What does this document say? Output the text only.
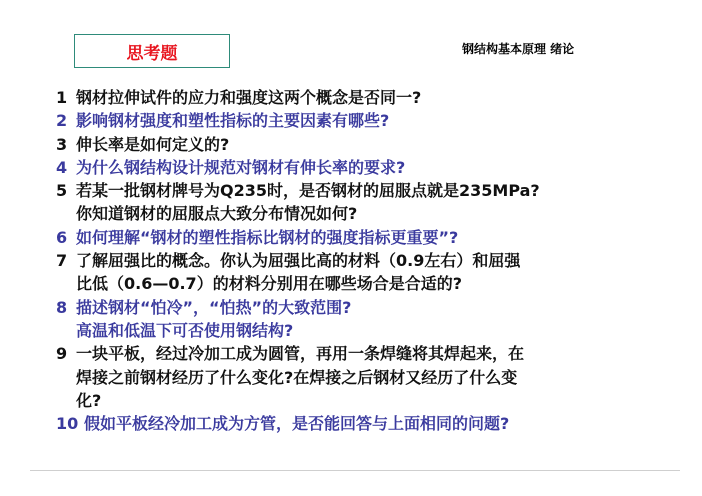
思考题	钢结构基本原理 绪论
1 钢材拉伸试件的应力和强度这两个概念是否同一?
2 影响钢材强度和塑性指标的主要因素有哪些?
3 伸长率是如何定义的?
4 为什么钢结构设计规范对钢材有伸长率的要求?
5 若某一批钢材牌号为Q235时，是否钢材的屈服点就是235MPa?
你知道钢材的屈服点大致分布情况如何?
6 如何理解“钢材的塑性指标比钢材的强度指标更重要”?
7 了解屈强比的概念。你认为屈强比高的材料（0.9左右）和屈强
比低（0.6—0.7）的材料分别用在哪些场合是合适的?
8 描述钢材“怕冷”，“怕热”的大致范围?
高温和低温下可否使用钢结构?
9 一块平板，经过冷加工成为圆管，再用一条焊缝将其焊起来，在
焊接之前钢材经历了什么变化?在焊接之后钢材又经历了什么变
化?
10 假如平板经冷加工成为方管，是否能回答与上面相同的问题?
